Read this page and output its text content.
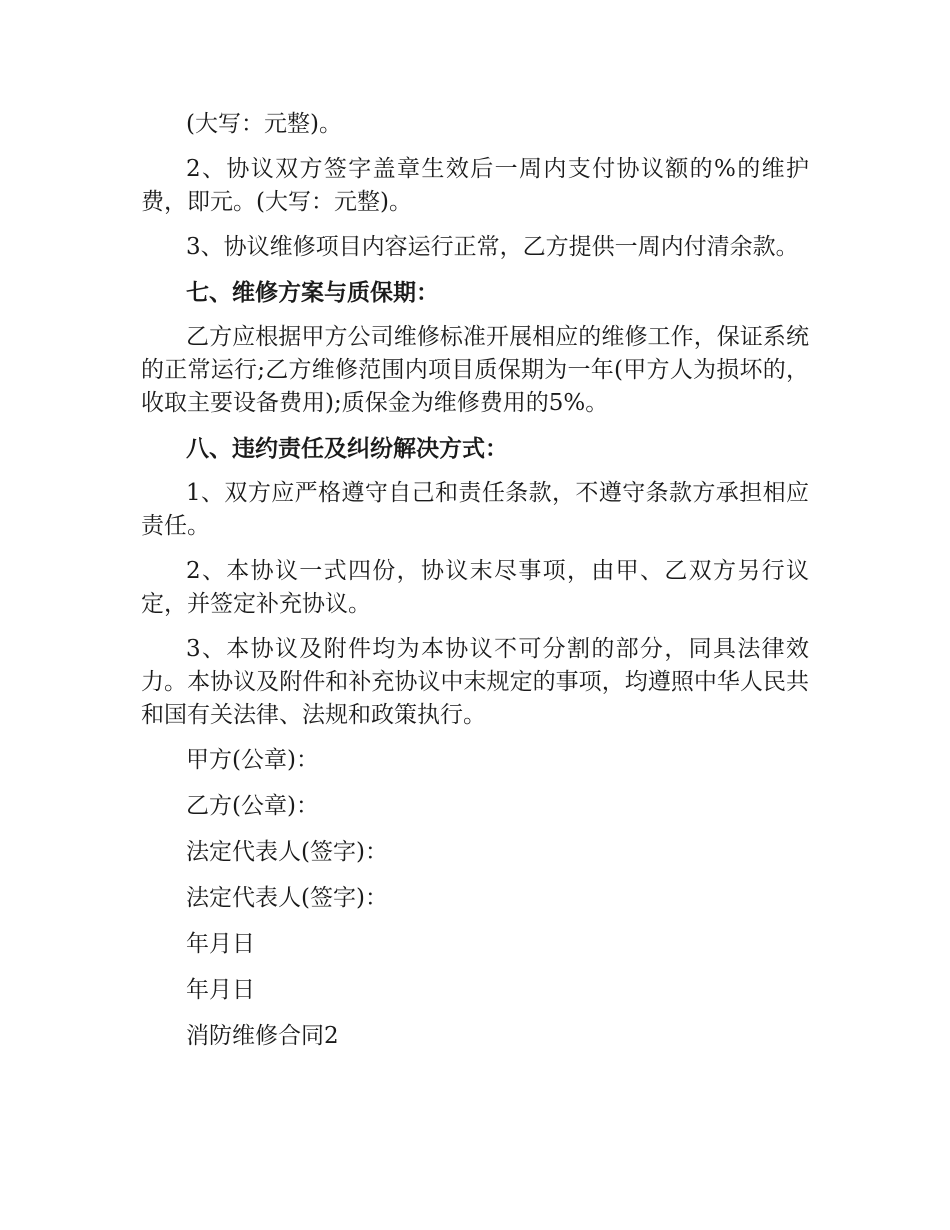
(大写：元整)。

2、协议双方签字盖章生效后一周内支付协议额的%的维护费，即元。(大写：元整)。

3、协议维修项目内容运行正常，乙方提供一周内付清余款。

七、维修方案与质保期：

乙方应根据甲方公司维修标准开展相应的维修工作，保证系统的正常运行;乙方维修范围内项目质保期为一年(甲方人为损坏的，收取主要设备费用);质保金为维修费用的5%。

八、违约责任及纠纷解决方式：

1、双方应严格遵守自己和责任条款，不遵守条款方承担相应责任。

2、本协议一式四份，协议末尽事项，由甲、乙双方另行议定，并签定补充协议。

3、本协议及附件均为本协议不可分割的部分，同具法律效力。本协议及附件和补充协议中末规定的事项，均遵照中华人民共和国有关法律、法规和政策执行。

甲方(公章)：

乙方(公章)：

法定代表人(签字)：

法定代表人(签字)：

年月日

年月日

消防维修合同2
